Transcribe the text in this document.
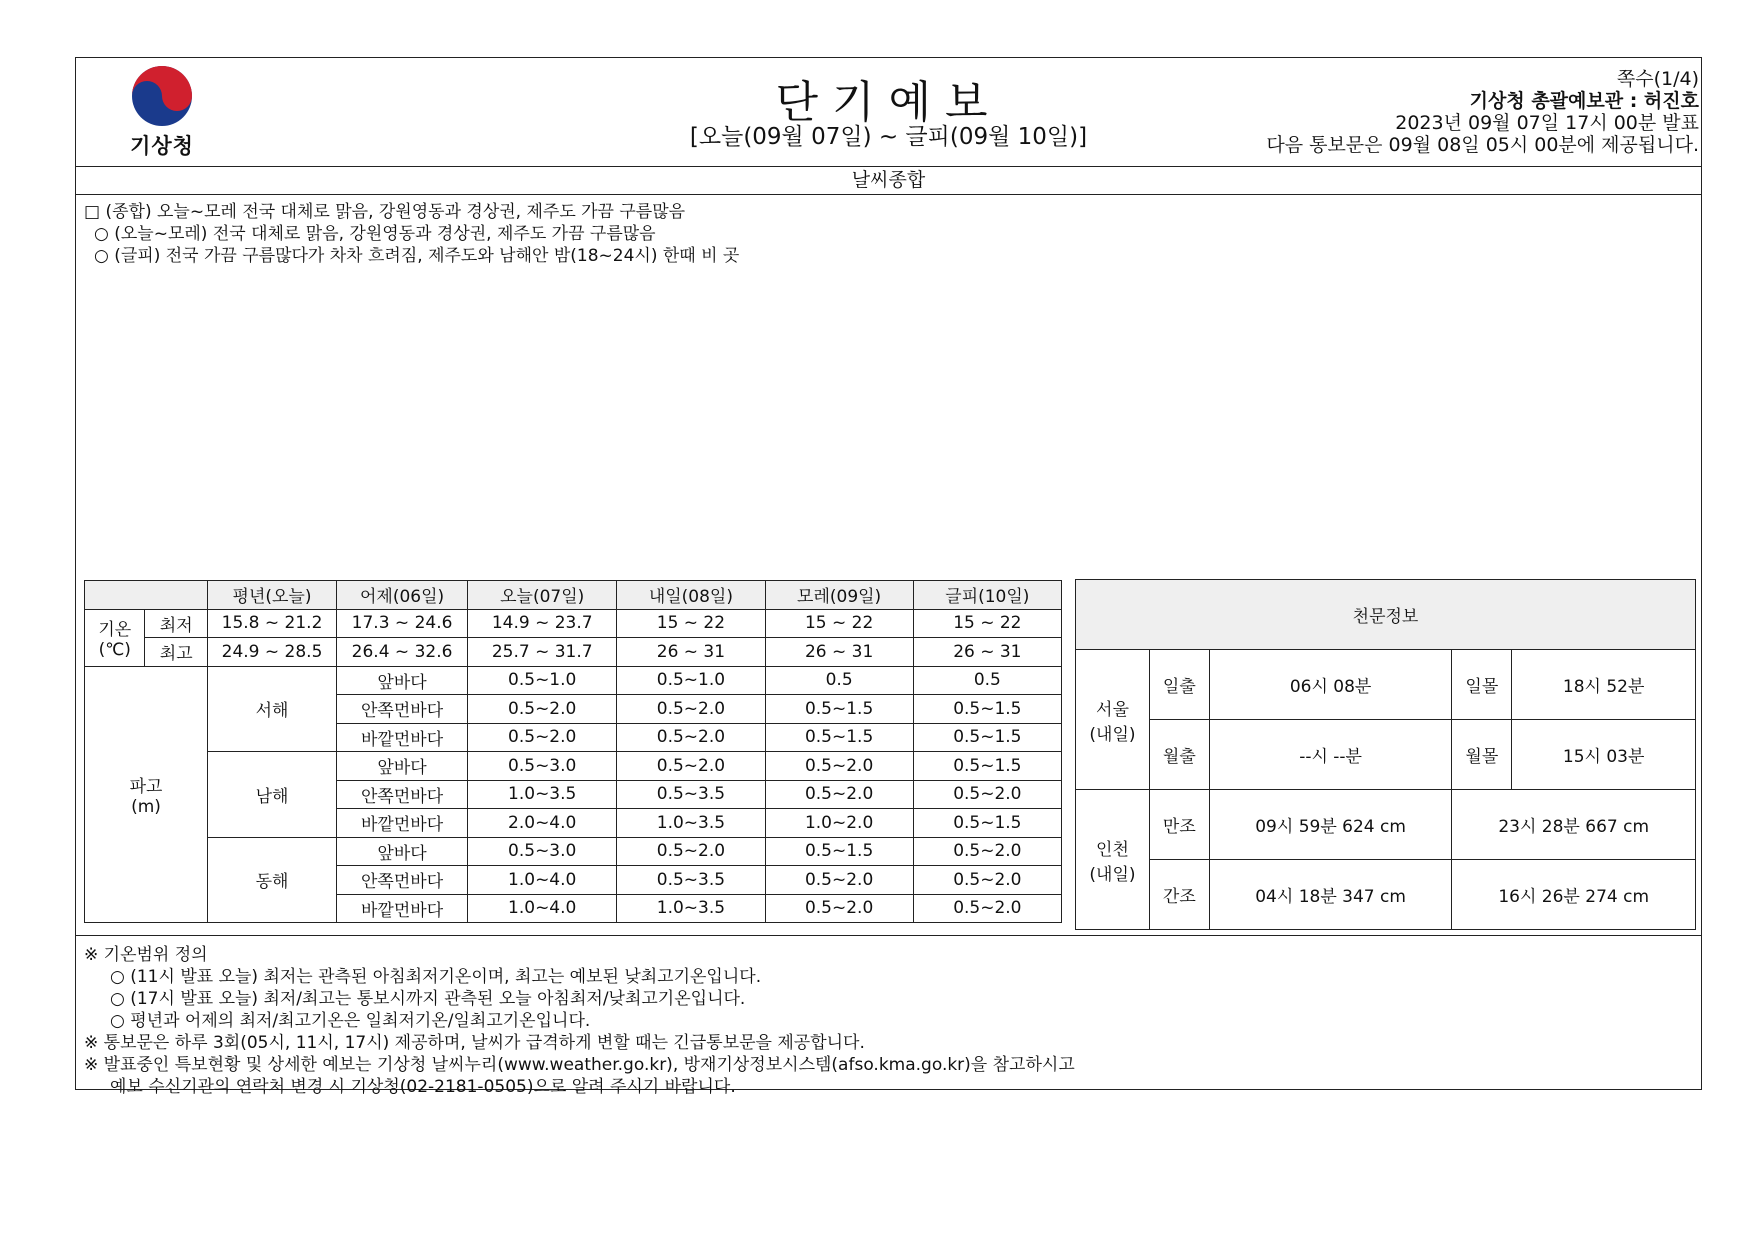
기상청
단기예보
[오늘(09월 07일) ~ 글피(09월 10일)]
쪽수(1/4)
기상청 총괄예보관 : 허진호
2023년 09월 07일 17시 00분 발표
다음 통보문은 09월 08일 05시 00분에 제공됩니다.
날씨종합
□ (종합) 오늘~모레 전국 대체로 맑음, 강원영동과 경상권, 제주도 가끔 구름많음
○ (오늘~모레) 전국 대체로 맑음, 강원영동과 경상권, 제주도 가끔 구름많음
○ (글피) 전국 가끔 구름많다가 차차 흐려짐, 제주도와 남해안 밤(18~24시) 한때 비 곳
		평년(오늘)	어제(06일)	오늘(07일)	내일(08일)	모레(09일)	글피(10일)
기온
(℃)	최저	15.8 ~ 21.2	17.3 ~ 24.6	14.9 ~ 23.7	15 ~ 22	15 ~ 22	15 ~ 22
	최고	24.9 ~ 28.5	26.4 ~ 32.6	25.7 ~ 31.7	26 ~ 31	26 ~ 31	26 ~ 31
파고
(m)		서해	앞바다	0.5~1.0	0.5~1.0	0.5	0.5
			안쪽먼바다	0.5~2.0	0.5~2.0	0.5~1.5	0.5~1.5
			바깥먼바다	0.5~2.0	0.5~2.0	0.5~1.5	0.5~1.5
		남해	앞바다	0.5~3.0	0.5~2.0	0.5~2.0	0.5~1.5
			안쪽먼바다	1.0~3.5	0.5~3.5	0.5~2.0	0.5~2.0
			바깥먼바다	2.0~4.0	1.0~3.5	1.0~2.0	0.5~1.5
		동해	앞바다	0.5~3.0	0.5~2.0	0.5~1.5	0.5~2.0
			안쪽먼바다	1.0~4.0	0.5~3.5	0.5~2.0	0.5~2.0
			바깥먼바다	1.0~4.0	1.0~3.5	0.5~2.0	0.5~2.0
천문정보				
서울
(내일)	일출	06시 08분	일몰	18시 52분
	월출	--시 --분	월몰	15시 03분
인천
(내일)	만조	09시 59분 624 cm	23시 28분 667 cm	
	간조	04시 18분 347 cm	16시 26분 274 cm	
※ 기온범위 정의
○ (11시 발표 오늘) 최저는 관측된 아침최저기온이며, 최고는 예보된 낮최고기온입니다.
○ (17시 발표 오늘) 최저/최고는 통보시까지 관측된 오늘 아침최저/낮최고기온입니다.
○ 평년과 어제의 최저/최고기온은 일최저기온/일최고기온입니다.
※ 통보문은 하루 3회(05시, 11시, 17시) 제공하며, 날씨가 급격하게 변할 때는 긴급통보문을 제공합니다.
※ 발표중인 특보현황 및 상세한 예보는 기상청 날씨누리(www.weather.go.kr), 방재기상정보시스템(afso.kma.go.kr)을 참고하시고
예보 수신기관의 연락처 변경 시 기상청(02-2181-0505)으로 알려 주시기 바랍니다.
